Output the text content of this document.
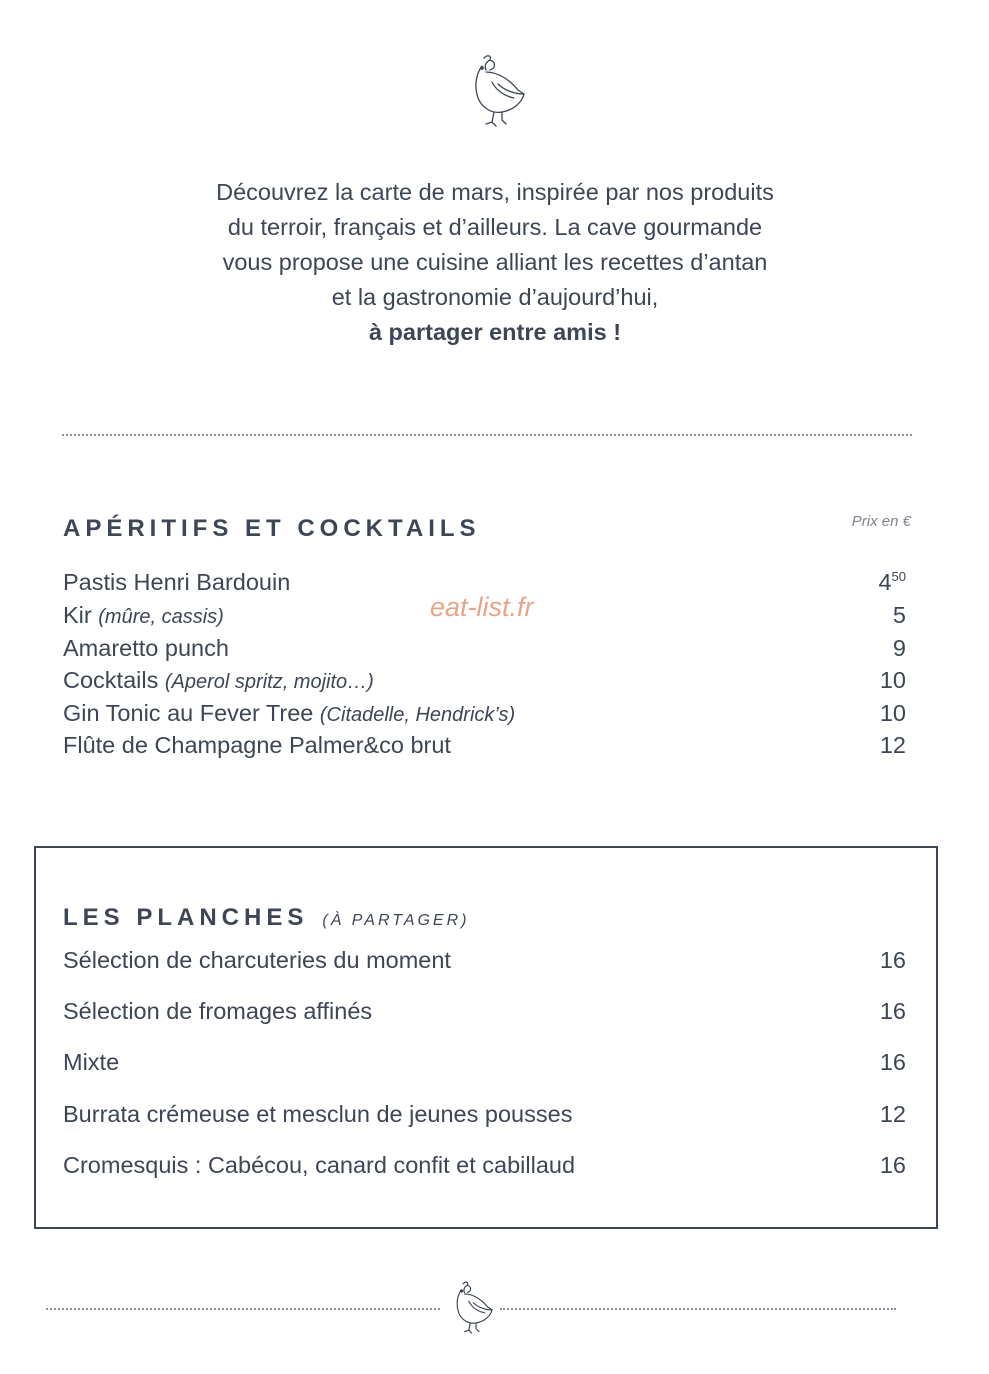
Découvrez la carte de mars, inspirée par nos produits
du terroir, français et d’ailleurs. La cave gourmande
vous propose une cuisine alliant les recettes d’antan
et la gastronomie d’aujourd’hui,
à partager entre amis !
APÉRITIFS ET COCKTAILS	Prix en €
Pastis Henri Bardouin	$4^{50}$
Kir (mûre, cassis)	5
Amaretto punch	9
Cocktails (Aperol spritz, mojito…)	10
Gin Tonic au Fever Tree (Citadelle, Hendrick’s)	10
Flûte de Champagne Palmer&co brut	12
eat-list.fr
LES PLANCHES (À PARTAGER)
Sélection de charcuteries du moment	16
Sélection de fromages affinés	16
Mixte	16
Burrata crémeuse et mesclun de jeunes pousses	12
Cromesquis : Cabécou, canard confit et cabillaud	16
